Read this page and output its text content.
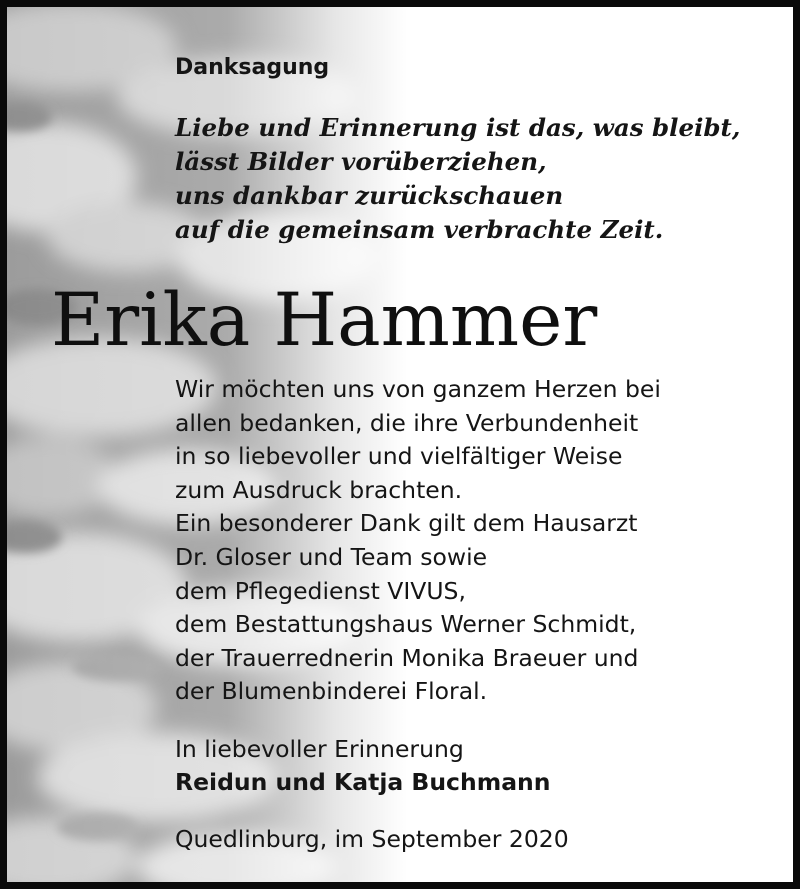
Danksagung

Liebe und Erinnerung ist das, was bleibt,
lässt Bilder vorüberziehen,
uns dankbar zurückschauen
auf die gemeinsam verbrachte Zeit.

Erika Hammer

Wir möchten uns von ganzem Herzen bei
allen bedanken, die ihre Verbundenheit
in so liebevoller und vielfältiger Weise
zum Ausdruck brachten.
Ein besonderer Dank gilt dem Hausarzt
Dr. Gloser und Team sowie
dem Pflegedienst VIVUS,
dem Bestattungshaus Werner Schmidt,
der Trauerrednerin Monika Braeuer und
der Blumenbinderei Floral.

In liebevoller Erinnerung
Reidun und Katja Buchmann

Quedlinburg, im September 2020
